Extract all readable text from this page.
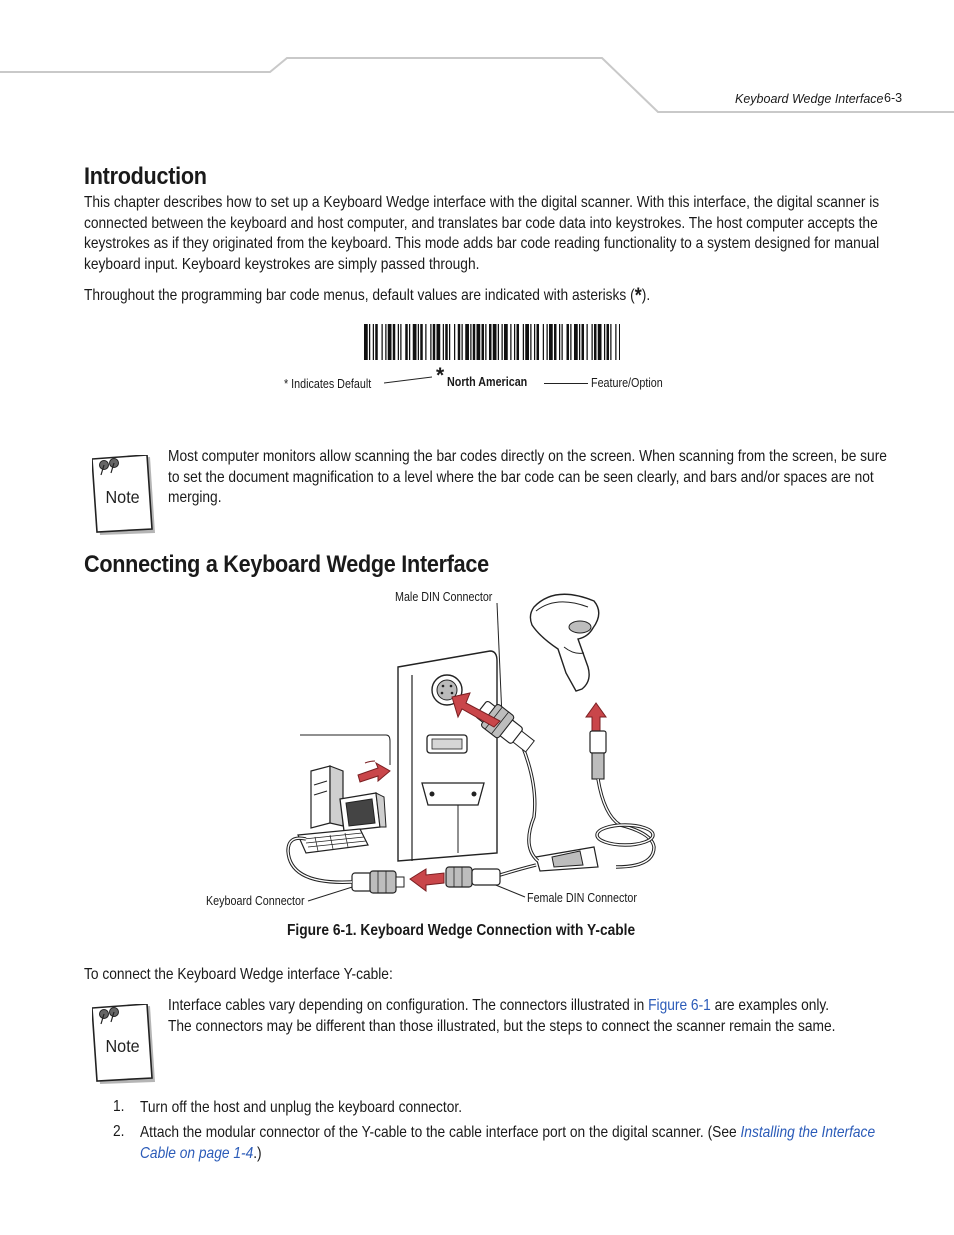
Keyboard Wedge Interface 6-3
Introduction

This chapter describes how to set up a Keyboard Wedge interface with the digital scanner. With this interface, the digital scanner is connected between the keyboard and host computer, and translates bar code data into keystrokes. The host computer accepts the keystrokes as if they originated from the keyboard. This mode adds bar code reading functionality to a system designed for manual keyboard input. Keyboard keystrokes are simply passed through.

Throughout the programming bar code menus, default values are indicated with asterisks (*).

* Indicates Default	* North American	Feature/Option
Note

Most computer monitors allow scanning the bar codes directly on the screen. When scanning from the screen, be sure to set the document magnification to a level where the bar code can be seen clearly, and bars and/or spaces are not merging.

Connecting a Keyboard Wedge Interface
Male DIN Connector
Keyboard Connector	Female DIN Connector
Figure 6-1. Keyboard Wedge Connection with Y-cable

To connect the Keyboard Wedge interface Y-cable:

Note

Interface cables vary depending on configuration. The connectors illustrated in Figure 6-1 are examples only. The connectors may be different than those illustrated, but the steps to connect the scanner remain the same.

1. Turn off the host and unplug the keyboard connector.

2. Attach the modular connector of the Y-cable to the cable interface port on the digital scanner. (See Installing the Interface Cable on page 1-4.)
